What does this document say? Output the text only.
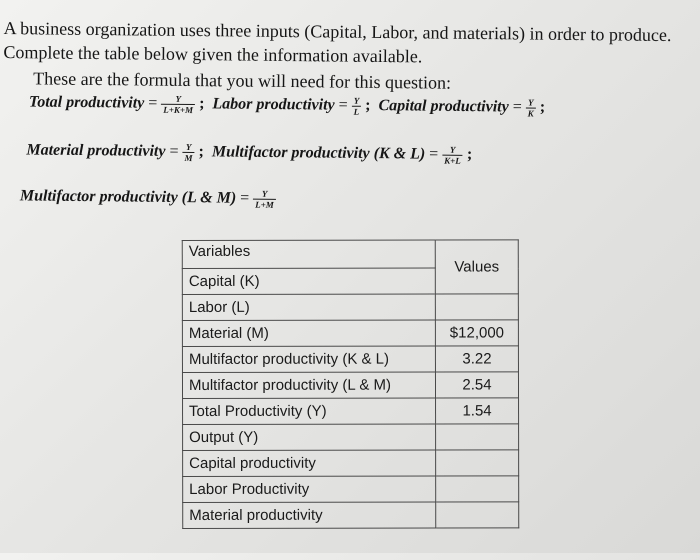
A business organization uses three inputs (Capital, Labor, and materials) in order to produce.
Complete the table below given the information available.
These are the formula that you will need for this question:
Total productivity = $\frac{Y}{L+K+M}$ ; Labor productivity = $\frac{Y}{L}$ ; Capital productivity = $\frac{Y}{K}$ ;
Material productivity = $\frac{Y}{M}$ ; Multifactor productivity (K & $L) = \frac{Y}{K+L}$ ;
Multifactor productivity (L & $M) = \frac{Y}{L+M}$
Variables	Values
Capital (K)	
Labor (L)	
Material (M)	$12,000
Multifactor productivity (K & L)	3.22
Multifactor productivity (L & M)	2.54
Total Productivity (Y)	1.54
Output (Y)	
Capital productivity	
Labor Productivity	
Material productivity	
